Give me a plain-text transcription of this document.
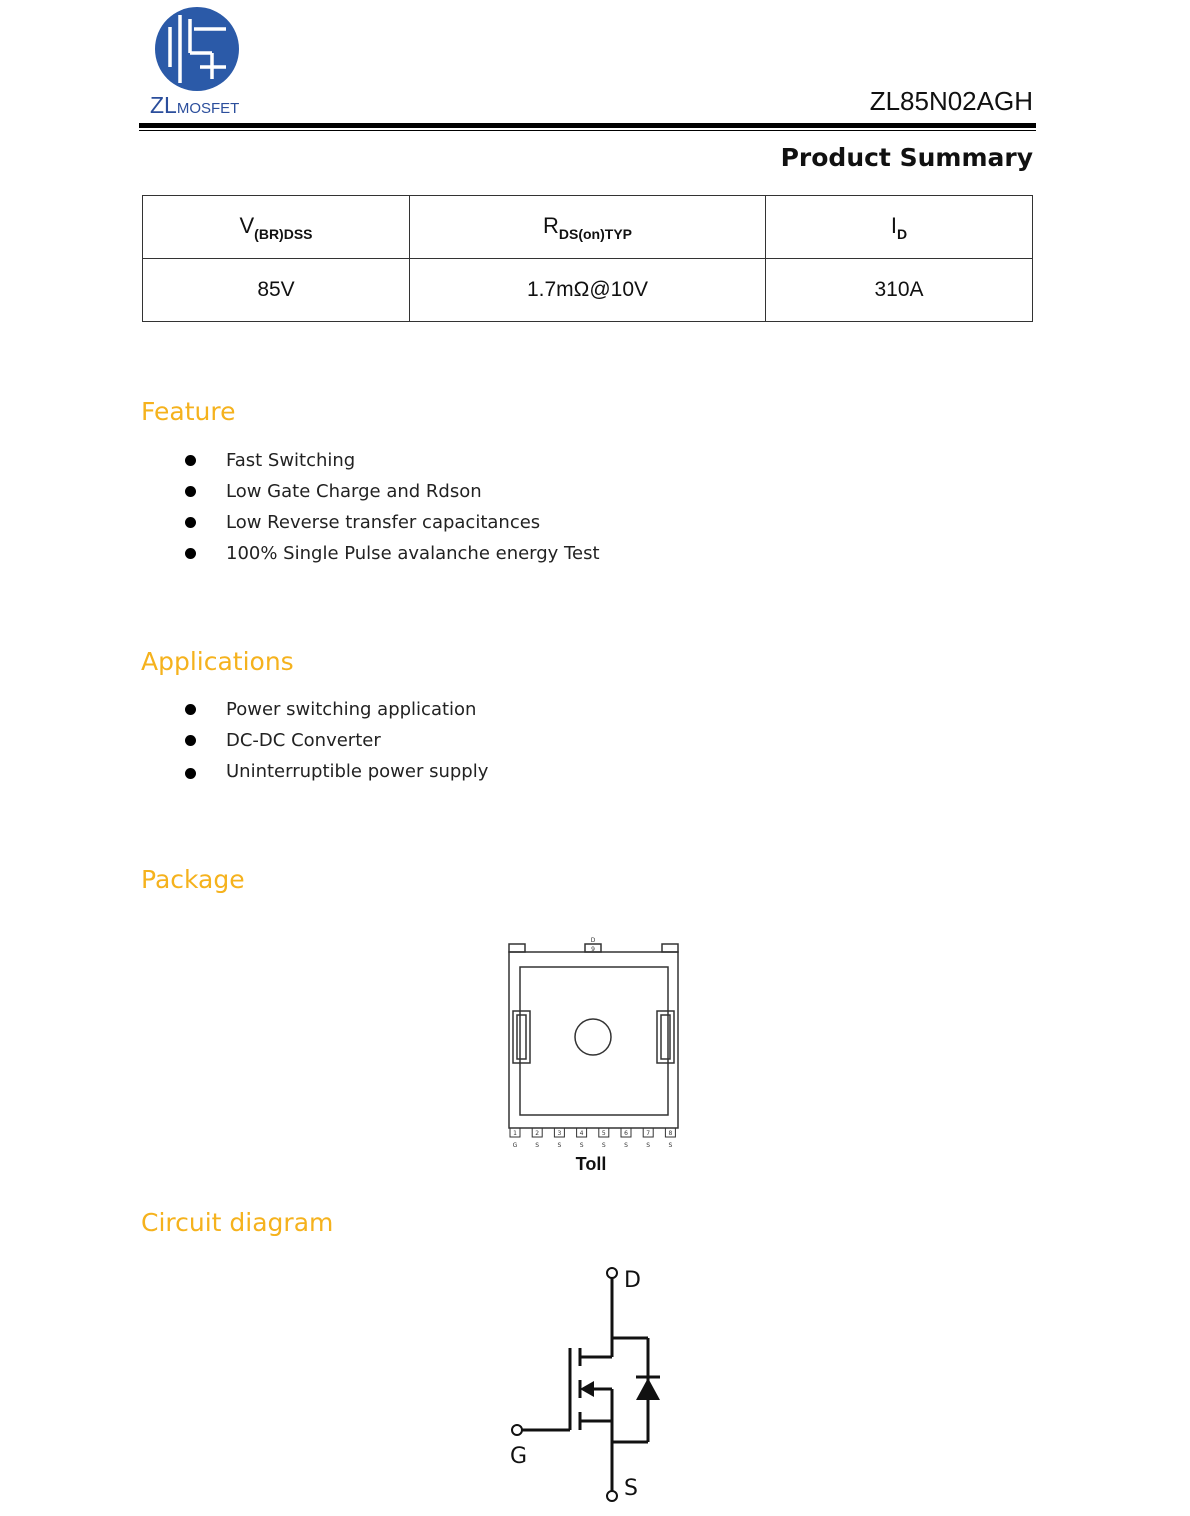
ZLMOSFET	ZL85N02AGH
Product Summary
$V_{(BR)DSS}$	$R_{DS(on)TYP}$	$I_D$
85V	1.7mΩ@10V	310A
Feature
Fast Switching
Low Gate Charge and Rdson
Low Reverse transfer capacitances
100% Single Pulse avalanche energy Test
Applications
Power switching application
DC-DC Converter
Uninterruptible power supply
Package
D
9
1
G
2
S
3
S
4
S
5
S
6
S
7
S
8
S
Toll
Circuit diagram
D
G
S
